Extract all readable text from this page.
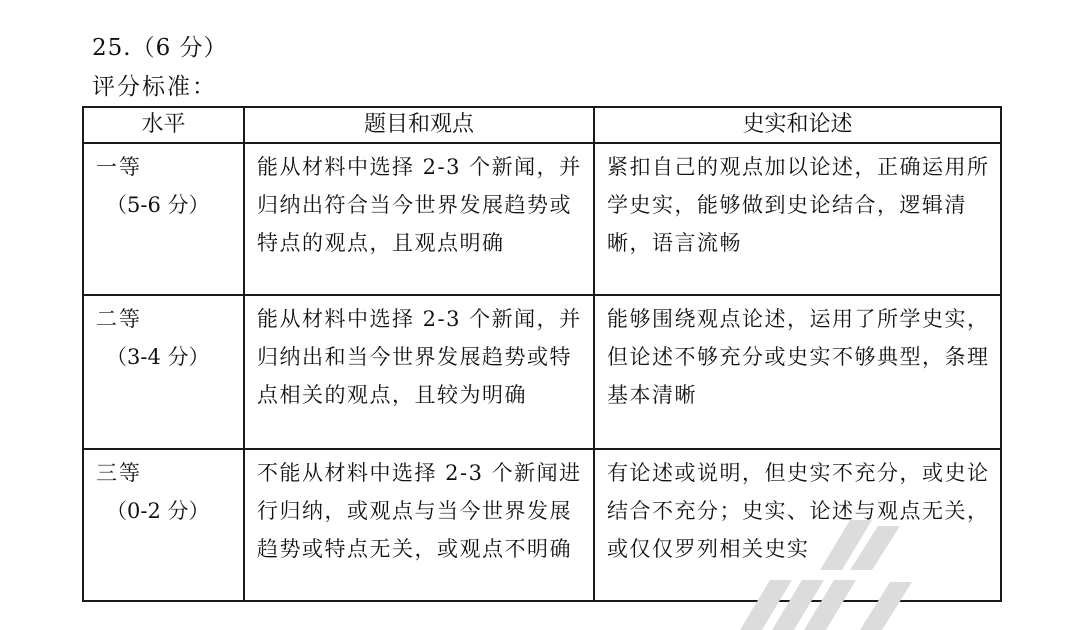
25.（6 分）
评分标准：
水平	题目和观点	史实和论述

一等
（5-6 分）	能从材料中选择 2-3 个新闻，并归纳出符合当今世界发展趋势或特点的观点，且观点明确	紧扣自己的观点加以论述，正确运用所学史实，能够做到史论结合，逻辑清晰，语言流畅

二等
（3-4 分）	能从材料中选择 2-3 个新闻，并归纳出和当今世界发展趋势或特点相关的观点，且较为明确	能够围绕观点论述，运用了所学史实，但论述不够充分或史实不够典型，条理基本清晰

三等
（0-2 分）	不能从材料中选择 2-3 个新闻进行归纳，或观点与当今世界发展趋势或特点无关，或观点不明确	有论述或说明，但史实不充分，或史论结合不充分；史实、论述与观点无关，或仅仅罗列相关史实
